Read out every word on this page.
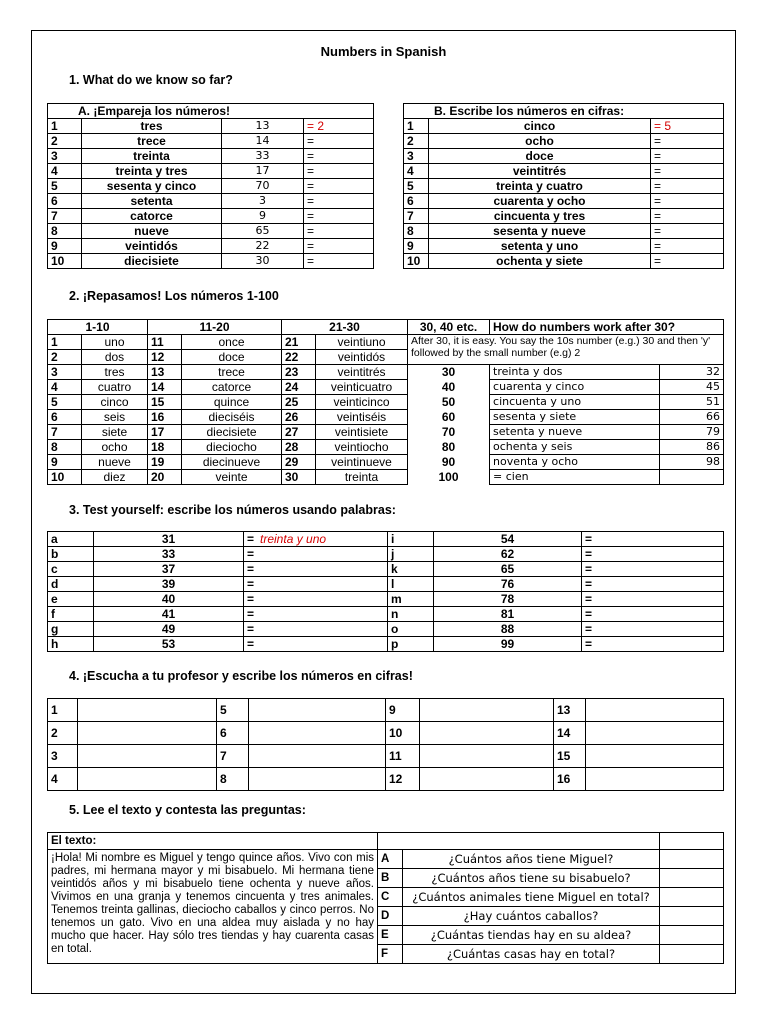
Numbers in Spanish
1. What do we know so far?
A. ¡Empareja los números!			
1	tres	13	= 2
2	trece	14	=
3	treinta	33	=
4	treinta y tres	17	=
5	sesenta y cinco	70	=
6	setenta	3	=
7	catorce	9	=
8	nueve	65	=
9	veintidós	22	=
10	diecisiete	30	=
B. Escribe los números en cifras:		
1	cinco	= 5
2	ocho	=
3	doce	=
4	veintitrés	=
5	treinta y cuatro	=
6	cuarenta y ocho	=
7	cincuenta y tres	=
8	sesenta y nueve	=
9	setenta y uno	=
10	ochenta y siete	=
2. ¡Repasamos! Los números 1-100
1-10		11-20		21-30		30, 40 etc.	How do numbers work after 30?	
1	uno	11	once	21	veintiuno	After 30, it is easy. You say the 10s number (e.g.) 30 and then 'y' followed by the small number (e.g) 2		
2	dos	12	doce	22	veintidós			
3	tres	13	trece	23	veintitrés	30	treinta y dos	32
4	cuatro	14	catorce	24	veinticuatro	40	cuarenta y cinco	45
5	cinco	15	quince	25	veinticinco	50	cincuenta y uno	51
6	seis	16	dieciséis	26	veintiséis	60	sesenta y siete	66
7	siete	17	diecisiete	27	veintisiete	70	setenta y nueve	79
8	ocho	18	dieciocho	28	veintiocho	80	ochenta y seis	86
9	nueve	19	diecinueve	29	veintinueve	90	noventa y ocho	98
10	diez	20	veinte	30	treinta	100	= cien	
3. Test yourself: escribe los números usando palabras:
a	31	= treinta y uno	i	54	=
b	33	=	j	62	=
c	37	=	k	65	=
d	39	=	l	76	=
e	40	=	m	78	=
f	41	=	n	81	=
g	49	=	o	88	=
h	53	=	p	99	=
4. ¡Escucha a tu profesor y escribe los números en cifras!
1		5		9		13	
2		6		10		14	
3		7		11		15	
4		8		12		16	
5. Lee el texto y contesta las preguntas:
El texto:			
¡Hola! Mi nombre es Miguel y tengo quince años. Vivo con mis padres, mi hermana mayor y mi bisabuelo. Mi hermana tiene veintidós años y mi bisabuelo tiene ochenta y nueve años. Vivimos en una granja y tenemos cincuenta y tres animales. Tenemos treinta gallinas, dieciocho caballos y cinco perros. No tenemos un gato. Vivo en una aldea muy aislada y no hay mucho que hacer. Hay sólo tres tiendas y hay cuarenta casas en total.	A	¿Cuántos años tiene Miguel?	
	B	¿Cuántos años tiene su bisabuelo?	
	C	¿Cuántos animales tiene Miguel en total?	
	D	¿Hay cuántos caballos?	
	E	¿Cuántas tiendas hay en su aldea?	
	F	¿Cuántas casas hay en total?	
